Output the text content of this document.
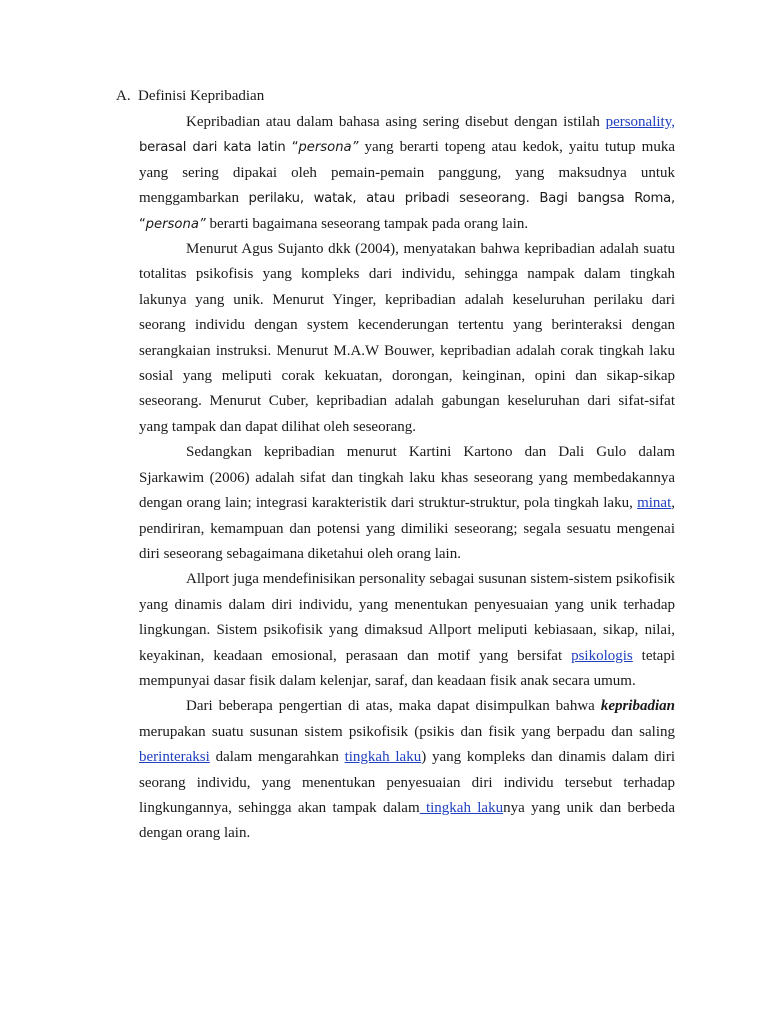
A. Definisi Kepribadian

Kepribadian atau dalam bahasa asing sering disebut dengan istilah personality, berasal dari kata latin “persona” yang berarti topeng atau kedok, yaitu tutup muka yang sering dipakai oleh pemain-pemain panggung, yang maksudnya untuk menggambarkan perilaku, watak, atau pribadi seseorang. Bagi bangsa Roma, “persona” berarti bagaimana seseorang tampak pada orang lain.

Menurut Agus Sujanto dkk (2004), menyatakan bahwa kepribadian adalah suatu totalitas psikofisis yang kompleks dari individu, sehingga nampak dalam tingkah lakunya yang unik. Menurut Yinger, kepribadian adalah keseluruhan perilaku dari seorang individu dengan system kecenderungan tertentu yang berinteraksi dengan serangkaian instruksi. Menurut M.A.W Bouwer, kepribadian adalah corak tingkah laku sosial yang meliputi corak kekuatan, dorongan, keinginan, opini dan sikap-sikap seseorang. Menurut Cuber, kepribadian adalah gabungan keseluruhan dari sifat-sifat yang tampak dan dapat dilihat oleh seseorang.

Sedangkan kepribadian menurut Kartini Kartono dan Dali Gulo dalam Sjarkawim (2006) adalah sifat dan tingkah laku khas seseorang yang membedakannya dengan orang lain; integrasi karakteristik dari struktur-struktur, pola tingkah laku, minat, pendiriran, kemampuan dan potensi yang dimiliki seseorang; segala sesuatu mengenai diri seseorang sebagaimana diketahui oleh orang lain.

Allport juga mendefinisikan personality sebagai susunan sistem-sistem psikofisik yang dinamis dalam diri individu, yang menentukan penyesuaian yang unik terhadap lingkungan. Sistem psikofisik yang dimaksud Allport meliputi kebiasaan, sikap, nilai, keyakinan, keadaan emosional, perasaan dan motif yang bersifat psikologis tetapi mempunyai dasar fisik dalam kelenjar, saraf, dan keadaan fisik anak secara umum.

Dari beberapa pengertian di atas, maka dapat disimpulkan bahwa kepribadian merupakan suatu susunan sistem psikofisik (psikis dan fisik yang berpadu dan saling berinteraksi dalam mengarahkan tingkah laku) yang kompleks dan dinamis dalam diri seorang individu, yang menentukan penyesuaian diri individu tersebut terhadap lingkungannya, sehingga akan tampak dalam tingkah lakunya yang unik dan berbeda dengan orang lain.
